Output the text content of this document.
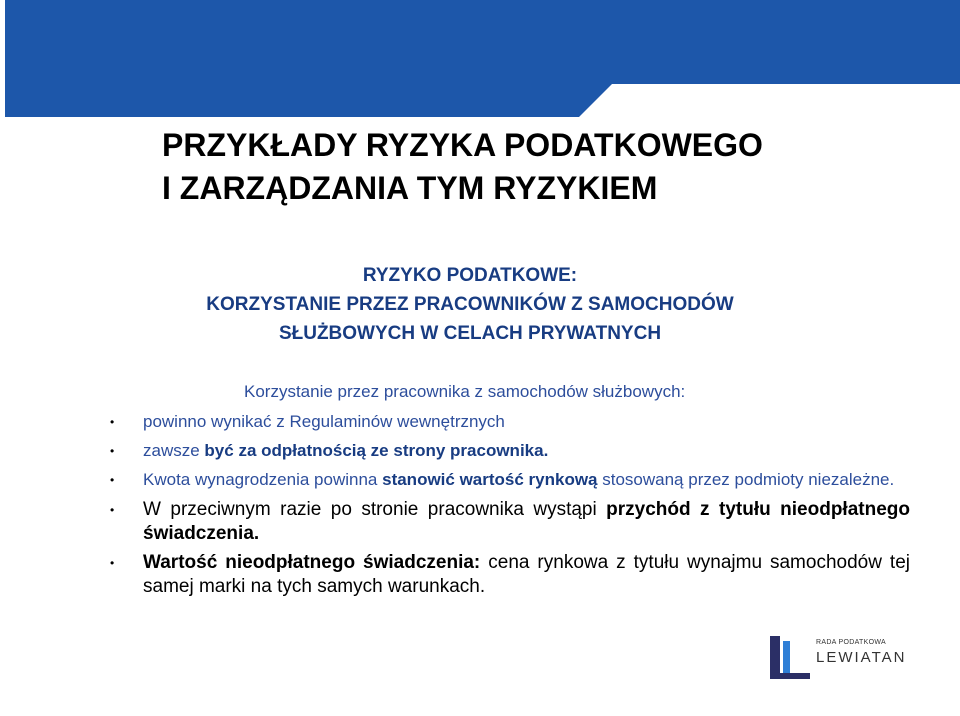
PRZYKŁADY RYZYKA PODATKOWEGO
I ZARZĄDZANIA TYM RYZYKIEM
RYZYKO PODATKOWE:
KORZYSTANIE PRZEZ PRACOWNIKÓW Z SAMOCHODÓW
SŁUŻBOWYCH W CELACH PRYWATNYCH

Korzystanie przez pracownika z samochodów służbowych:

• powinno wynikać z Regulaminów wewnętrznych
• zawsze być za odpłatnością ze strony pracownika.
• Kwota wynagrodzenia powinna stanowić wartość rynkową stosowaną przez podmioty niezależne.
• W przeciwnym razie po stronie pracownika wystąpi przychód z tytułu nieodpłatnego świadczenia.
• Wartość nieodpłatnego świadczenia: cena rynkowa z tytułu wynajmu samochodów tej samej marki na tych samych warunkach.
RADA PODATKOWA
LEWIATAN
